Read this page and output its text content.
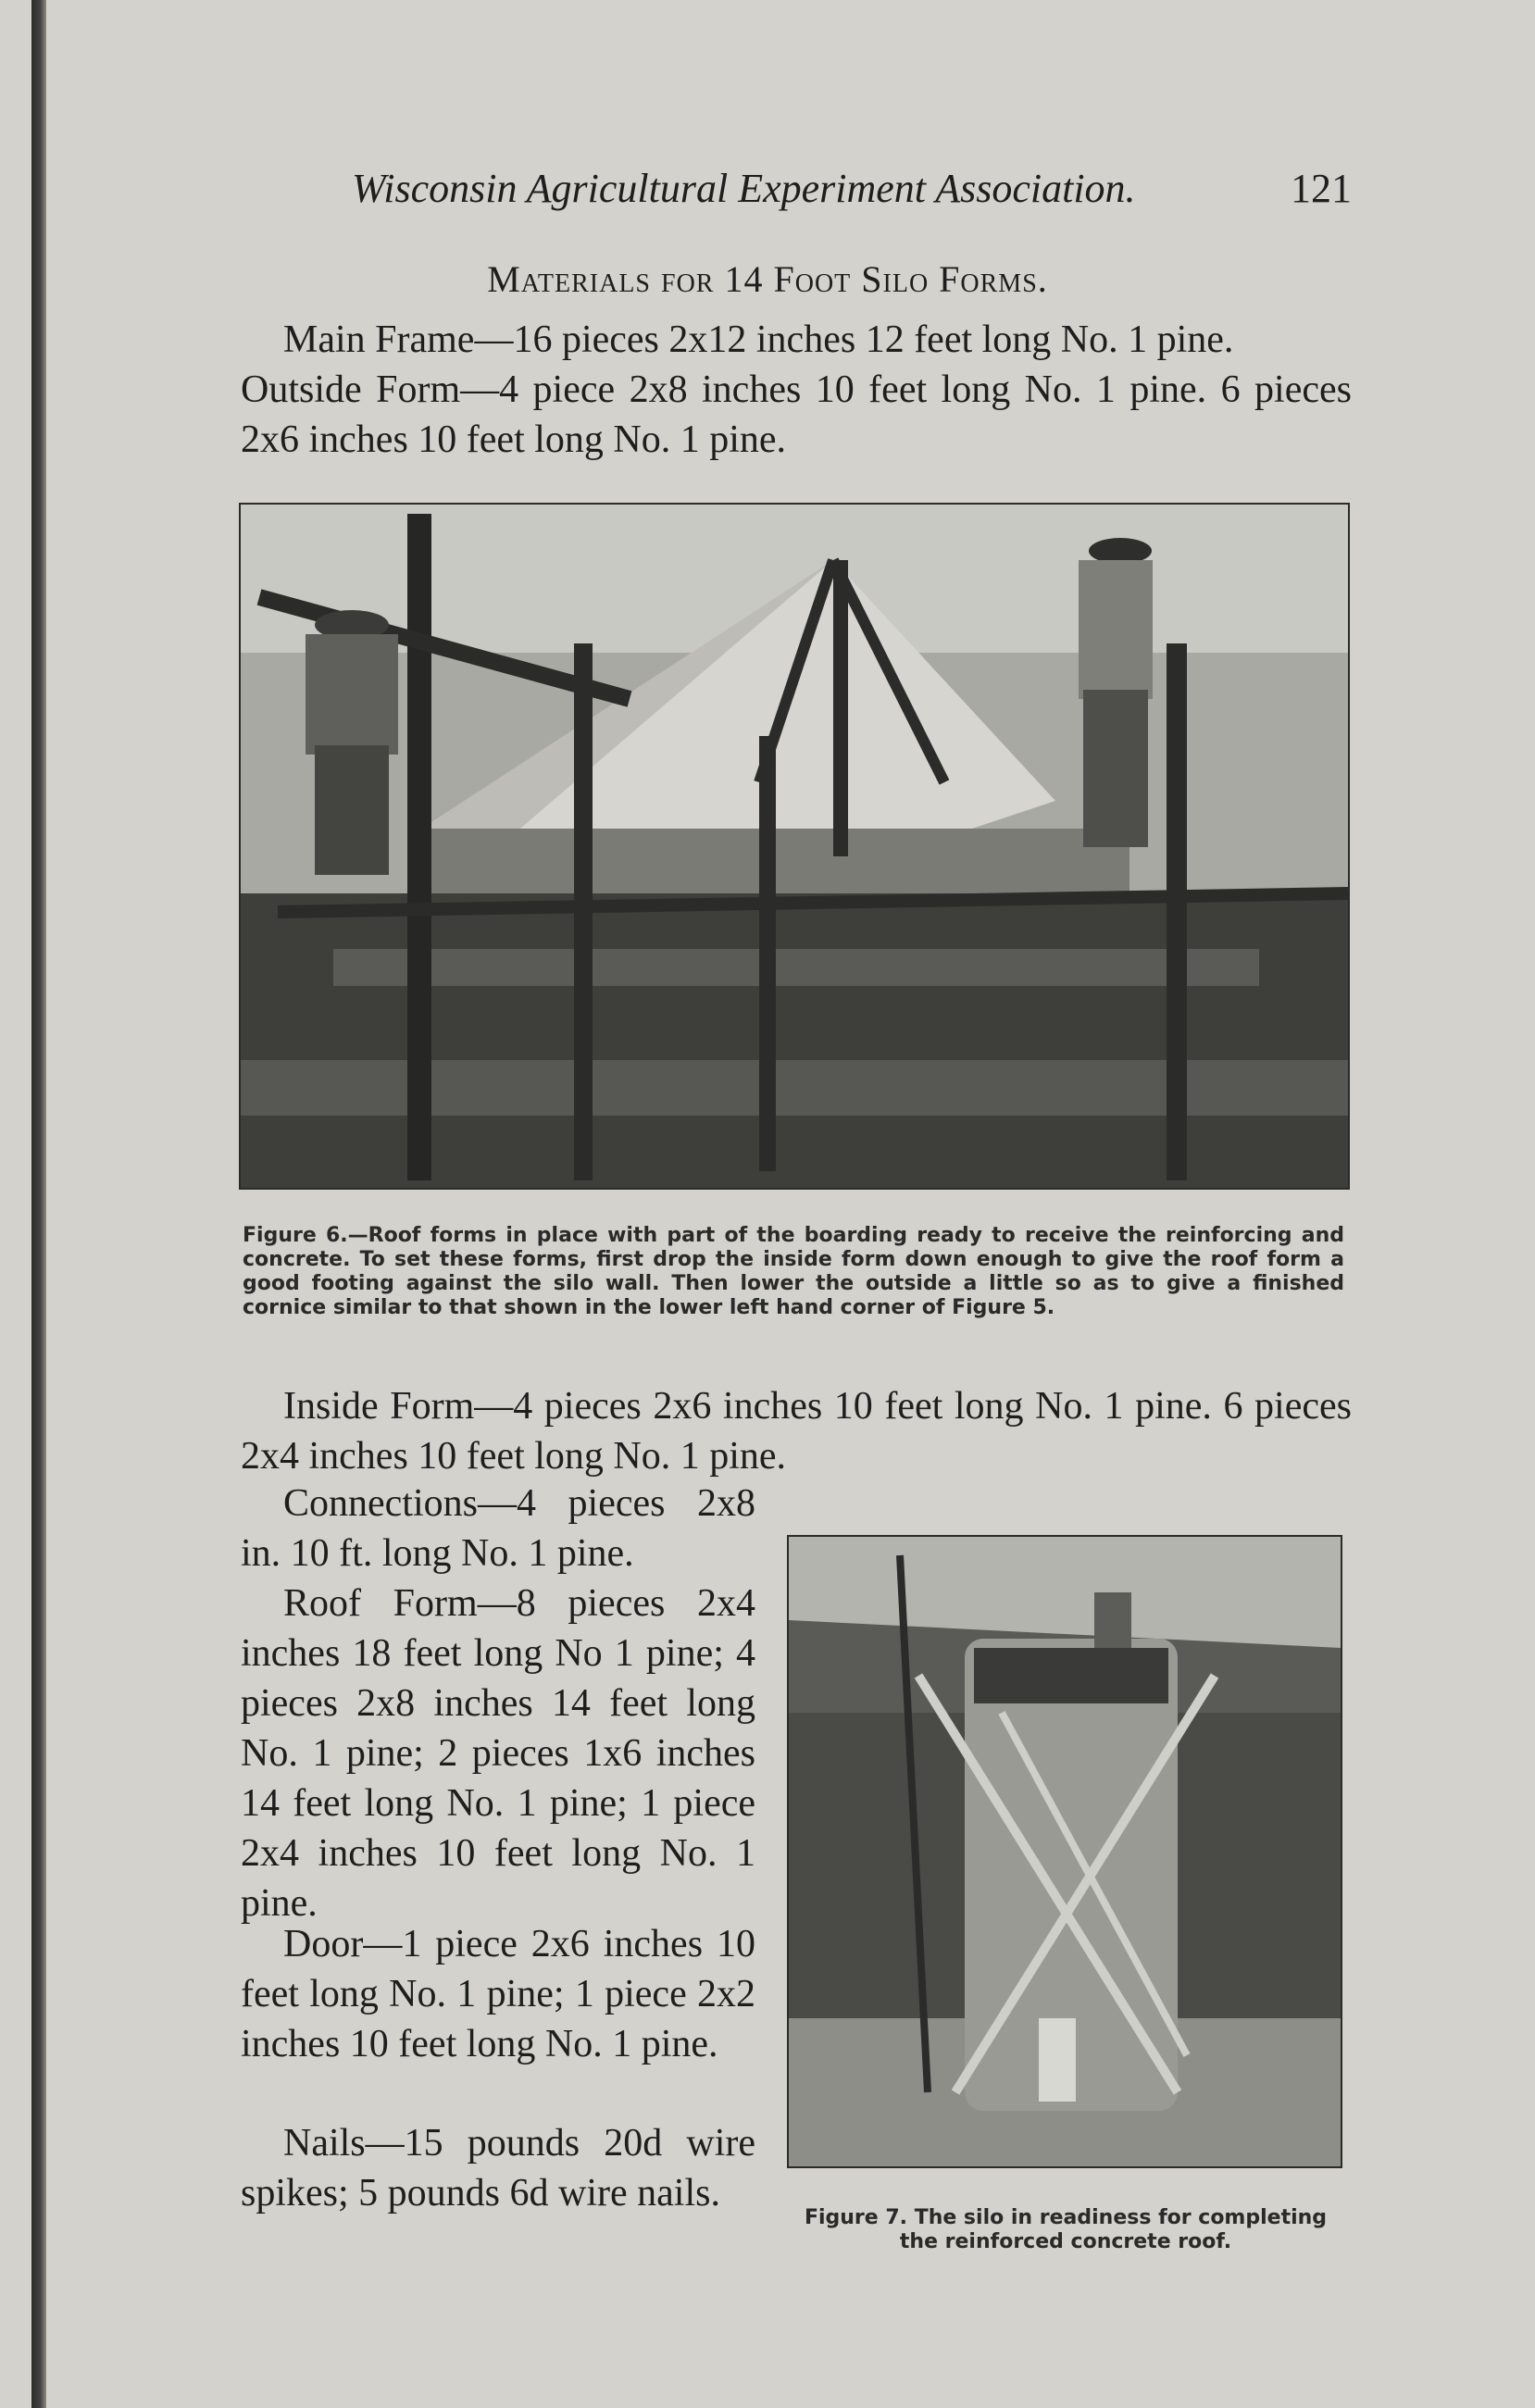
Wisconsin Agricultural Experiment Association.	121
Materials for 14 Foot Silo Forms.

Main Frame—16 pieces 2x12 inches 12 feet long No. 1 pine.

Outside Form—4 piece 2x8 inches 10 feet long No. 1 pine. 6 pieces 2x6 inches 10 feet long No. 1 pine.

Figure 6.—Roof forms in place with part of the boarding ready to receive the reinforcing and concrete. To set these forms, first drop the inside form down enough to give the roof form a good footing against the silo wall. Then lower the outside a little so as to give a finished cornice similar to that shown in the lower left hand corner of Figure 5.

Inside Form—4 pieces 2x6 inches 10 feet long No. 1 pine. 6 pieces 2x4 inches 10 feet long No. 1 pine.

Connections—4 pieces 2x8 in. 10 ft. long No. 1 pine.

Roof Form—8 pieces 2x4 inches 18 feet long No 1 pine; 4 pieces 2x8 inches 14 feet long No. 1 pine; 2 pieces 1x6 inches 14 feet long No. 1 pine; 1 piece 2x4 inches 10 feet long No. 1 pine.

Door—1 piece 2x6 inches 10 feet long No. 1 pine; 1 piece 2x2 inches 10 feet long No. 1 pine.

Nails—15 pounds 20d wire spikes; 5 pounds 6d wire nails.

Figure 7. The silo in readiness for completing the reinforced concrete roof.
